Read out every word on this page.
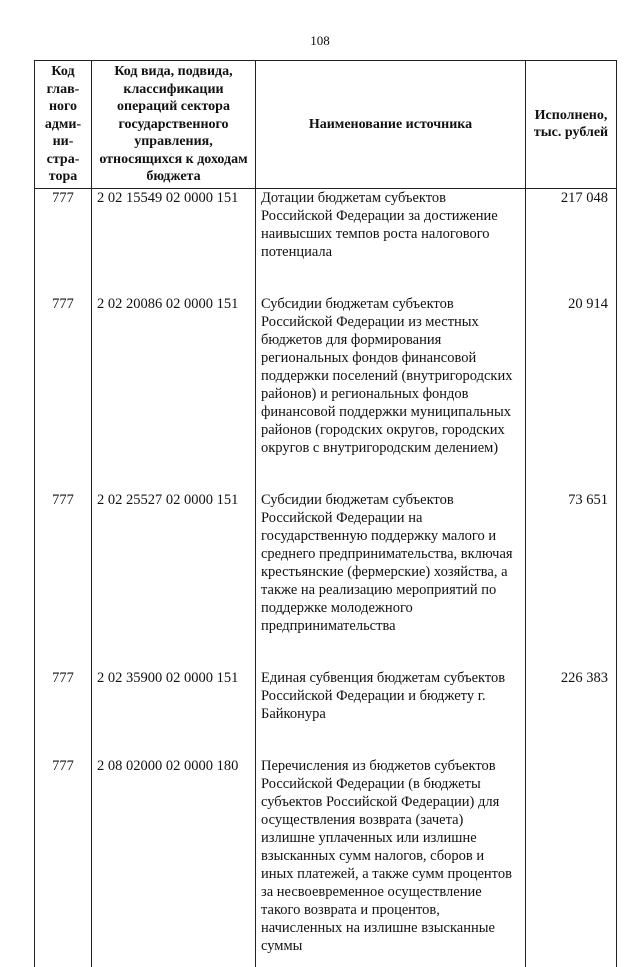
108
Код глав-ного адми-ни-стра-тора	Код вида, подвида, классификации операций сектора государственного управления, относящихся к доходам бюджета	Наименование источника	Исполнено, тыс. рублей
777	2 02 15549 02 0000 151	Дотации бюджетам субъектов Российской Федерации за достижение наивысших темпов роста налогового потенциала	217 048
777	2 02 20086 02 0000 151	Субсидии бюджетам субъектов Российской Федерации из местных бюджетов для формирования региональных фондов финансовой поддержки поселений (внутригородских районов) и региональных фондов финансовой поддержки муниципальных районов (городских округов, городских округов с внутригородским делением)	20 914
777	2 02 25527 02 0000 151	Субсидии бюджетам субъектов Российской Федерации на государственную поддержку малого и среднего предпринимательства, включая крестьянские (фермерские) хозяйства, а также на реализацию мероприятий по поддержке молодежного предпринимательства	73 651
777	2 02 35900 02 0000 151	Единая субвенция бюджетам субъектов Российской Федерации и бюджету г. Байконура	226 383
777	2 08 02000 02 0000 180	Перечисления из бюджетов субъектов Российской Федерации (в бюджеты субъектов Российской Федерации) для осуществления возврата (зачета) излишне уплаченных или излишне взысканных сумм налогов, сборов и иных платежей, а также сумм процентов за несвоевременное осуществление такого возврата и процентов, начисленных на излишне взысканные суммы	
